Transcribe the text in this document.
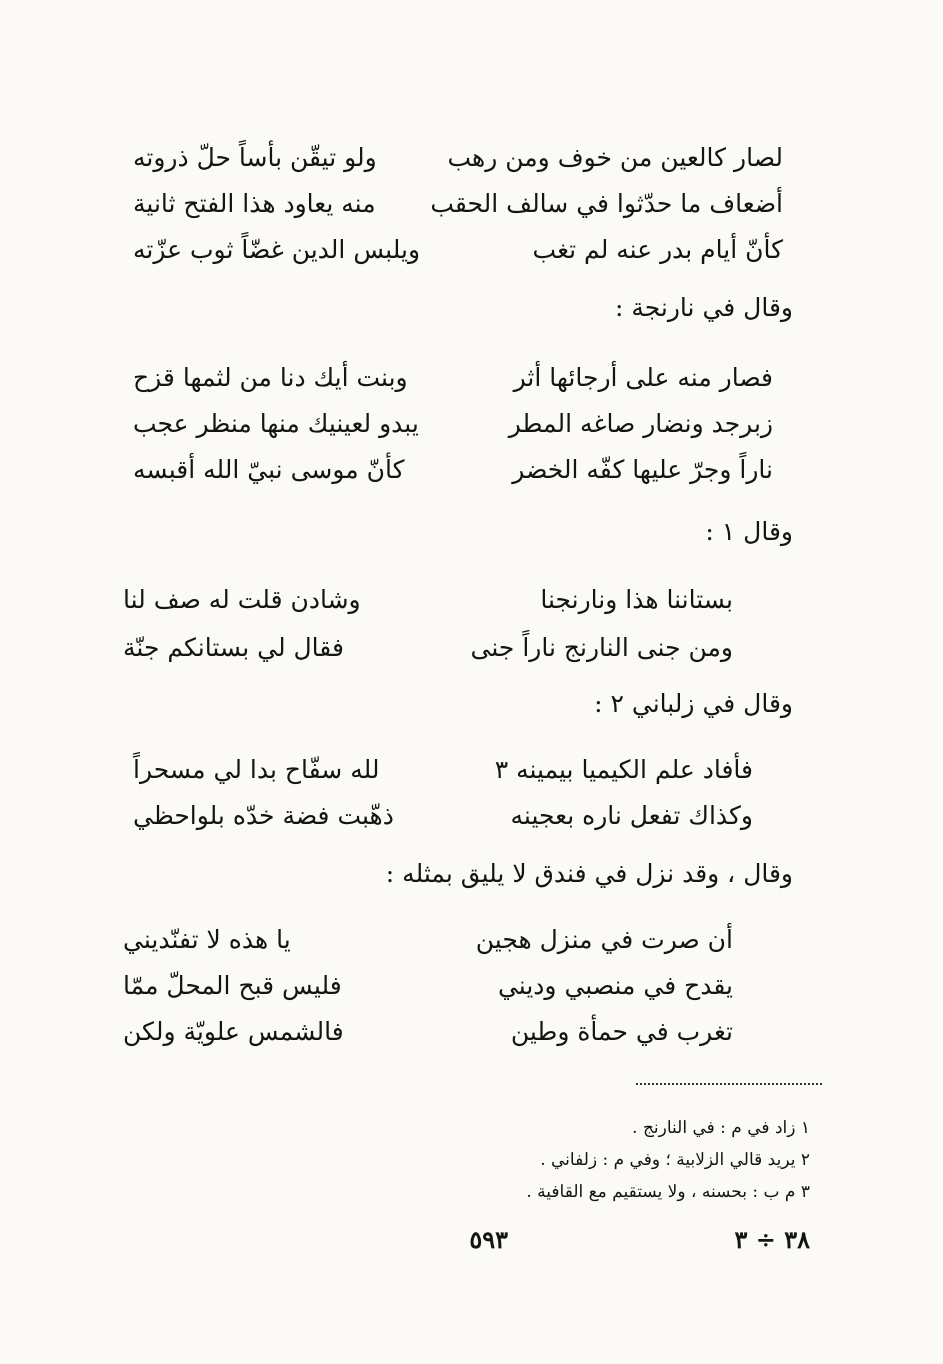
ولو تيقّن بأساً حلّ ذروته	لصار كالعين من خوف ومن رهب
منه يعاود هذا الفتح ثانية	أضعاف ما حدّثوا في سالف الحقب
ويلبس الدين غضّاً ثوب عزّته	كأنّ أيام بدر عنه لم تغب
وقال في نارنجة :
وبنت أيك دنا من لثمها قزح	فصار منه على أرجائها أثر
يبدو لعينيك منها منظر عجب	زبرجد ونضار صاغه المطر
كأنّ موسى نبيّ الله أقبسه	ناراً وجرّ عليها كفّه الخضر
وقال ١ :
وشادن قلت له صف لنا	بستاننا هذا ونارنجنا
فقال لي بستانكم جنّة	ومن جنى النارنج ناراً جنى
وقال في زلباني ٢ :
لله سفّاح بدا لي مسحراً	فأفاد علم الكيميا بيمينه ٣
ذهّبت فضة خدّه بلواحظي	وكذاك تفعل ناره بعجينه
وقال ، وقد نزل في فندق لا يليق بمثله :
يا هذه لا تفنّديني	أن صرت في منزل هجين
فليس قبح المحلّ ممّا	يقدح في منصبي وديني
فالشمس علويّة ولكن	تغرب في حمأة وطين
١ زاد في م : في النارنج .
٢ يريد قالي الزلابية ؛ وفي م : زلفاني .
٣ م ب : بحسنه ، ولا يستقيم مع القافية .
٥٩٣	٣٨ ÷ ٣
